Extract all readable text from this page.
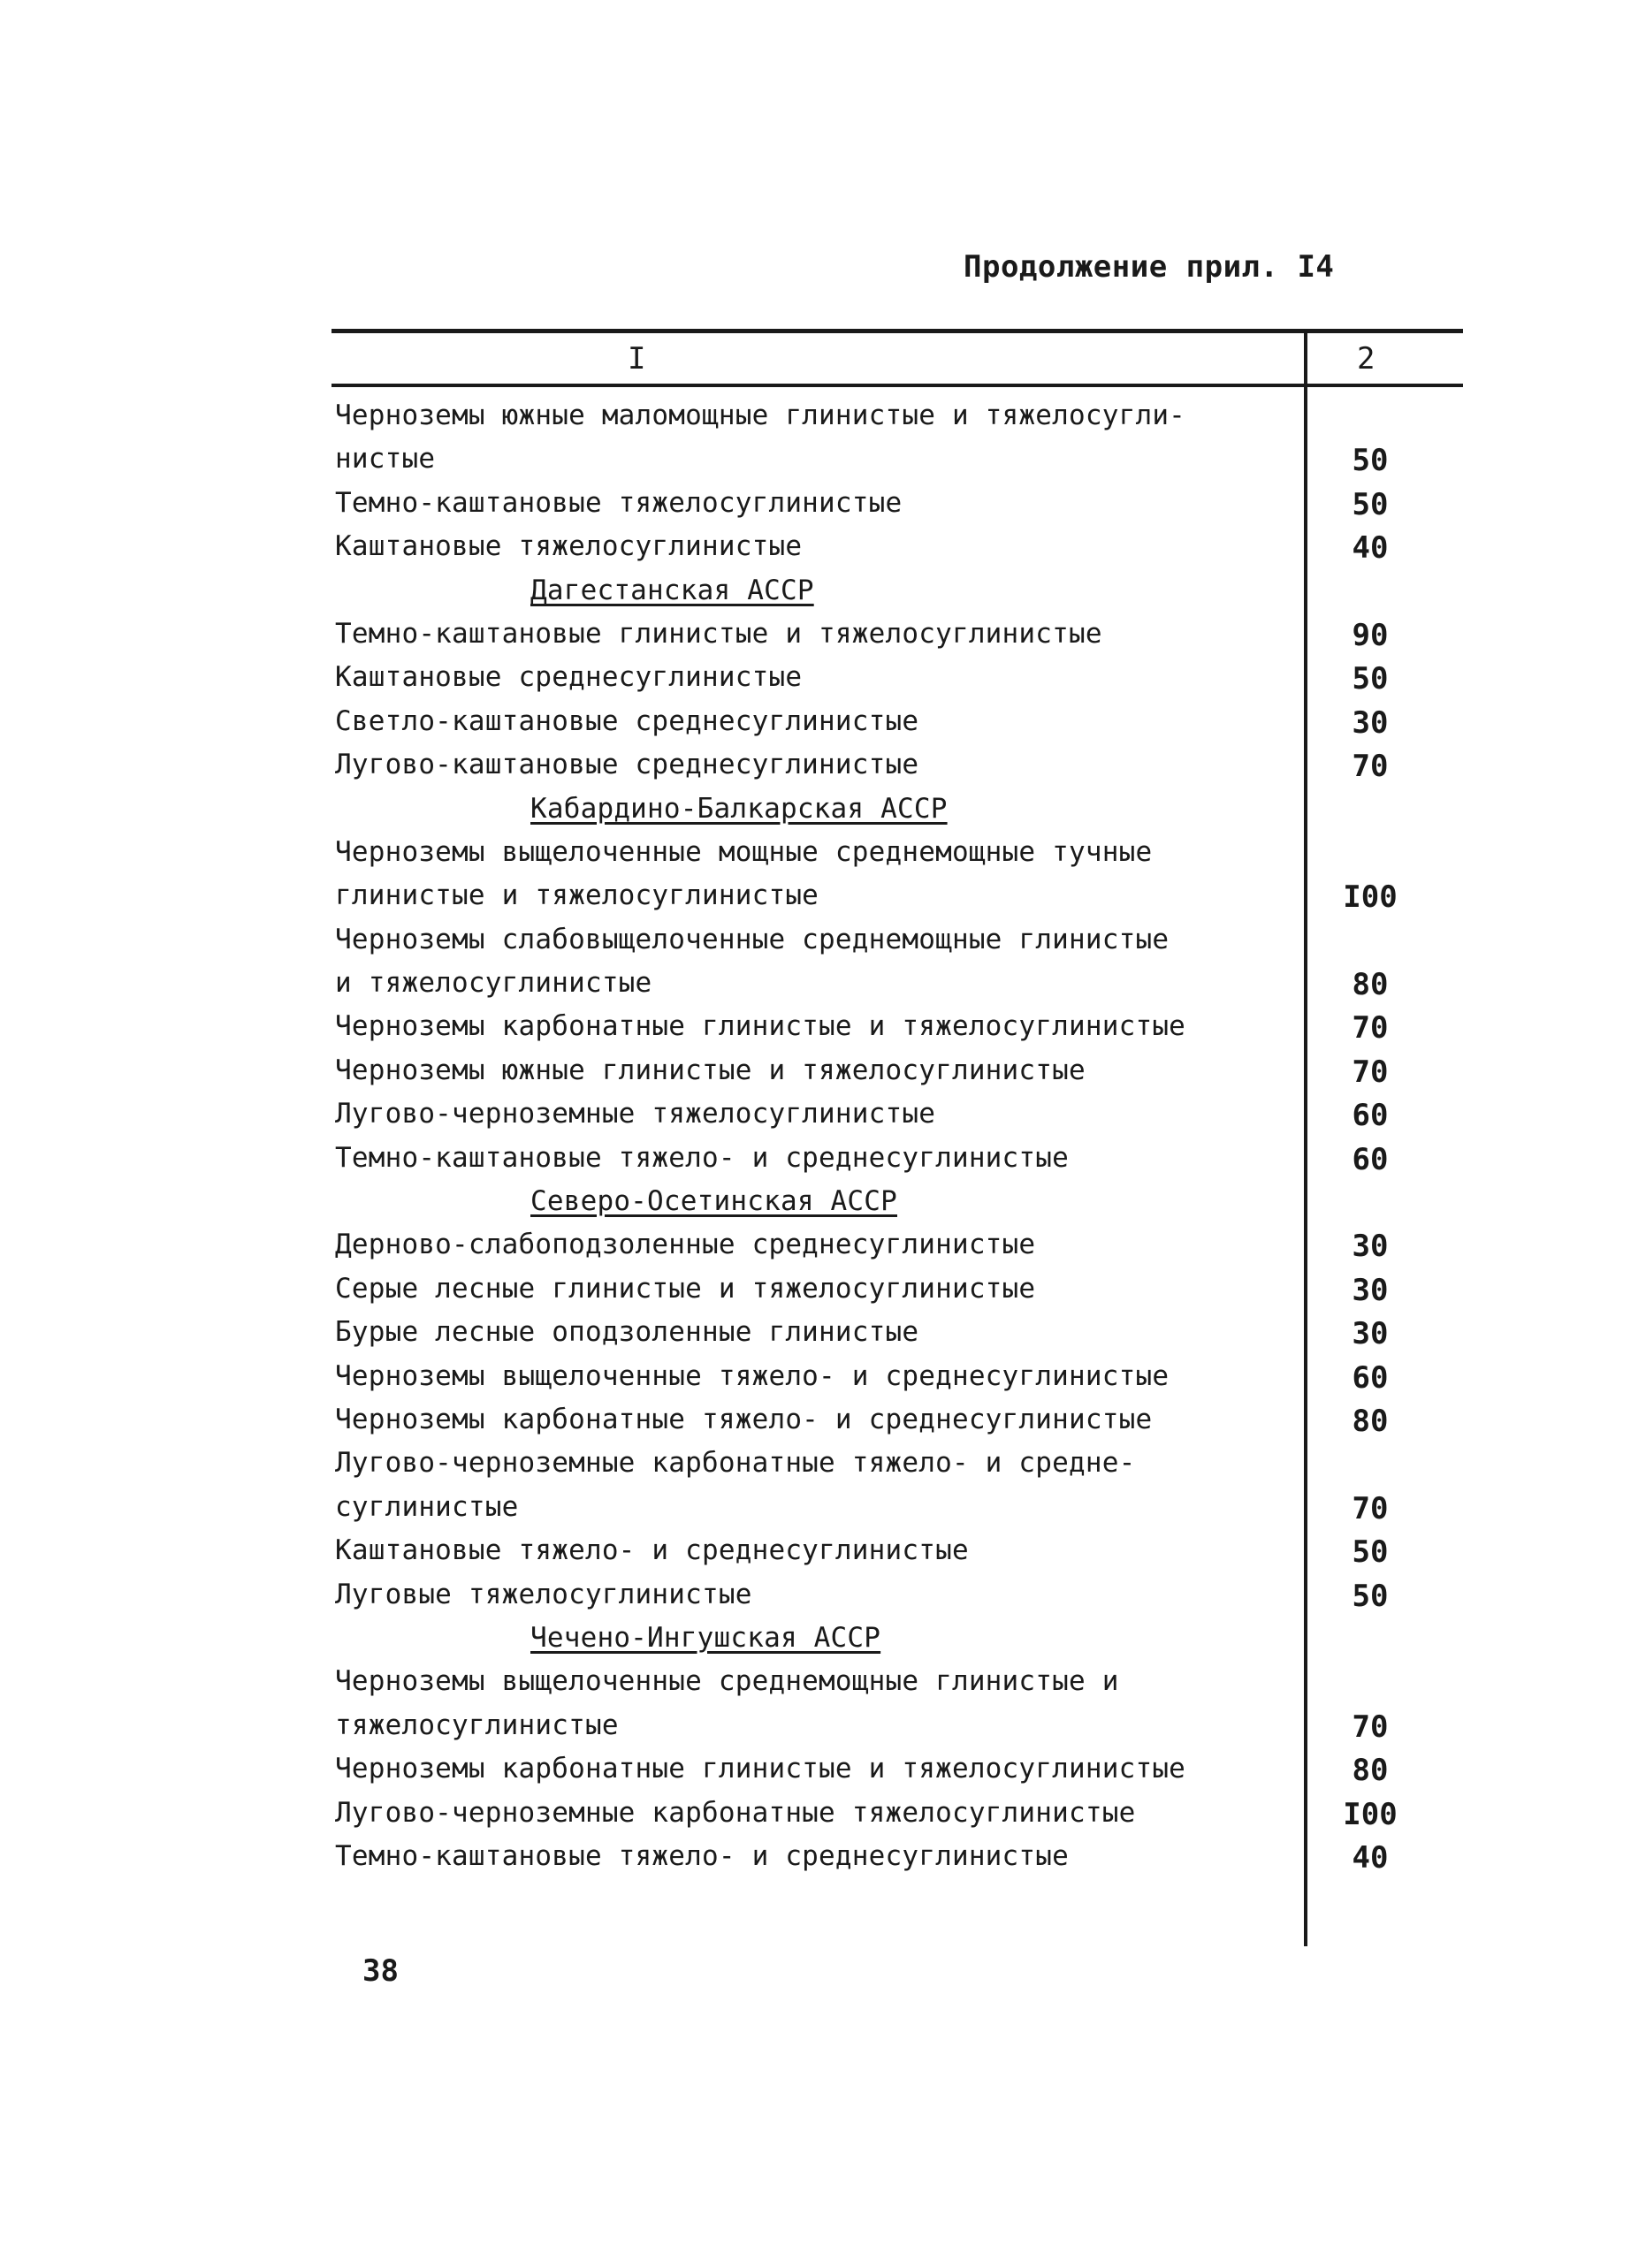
Продолжение прил. I4
I	2
Черноземы южные маломощные глинистые и тяжелосугли-
нистые	50
Темно-каштановые тяжелосуглинистые	50
Каштановые тяжелосуглинистые	40
Дагестанская АССР
Темно-каштановые глинистые и тяжелосуглинистые	90
Каштановые среднесуглинистые	50
Светло-каштановые среднесуглинистые	30
Лугово-каштановые среднесуглинистые	70
Кабардино-Балкарская АССР
Черноземы выщелоченные мощные среднемощные тучные
глинистые и тяжелосуглинистые	I00
Черноземы слабовыщелоченные среднемощные глинистые
и тяжелосуглинистые	80
Черноземы карбонатные глинистые и тяжелосуглинистые	70
Черноземы южные глинистые и тяжелосуглинистые	70
Лугово-черноземные тяжелосуглинистые	60
Темно-каштановые тяжело- и среднесуглинистые	60
Северо-Осетинская АССР
Дерново-слабоподзоленные среднесуглинистые	30
Серые лесные глинистые и тяжелосуглинистые	30
Бурые лесные оподзоленные глинистые	30
Черноземы выщелоченные тяжело- и среднесуглинистые	60
Черноземы карбонатные тяжело- и среднесуглинистые	80
Лугово-черноземные карбонатные тяжело- и средне-
суглинистые	70
Каштановые тяжело- и среднесуглинистые	50
Луговые тяжелосуглинистые	50
Чечено-Ингушская АССР
Черноземы выщелоченные среднемощные глинистые и
тяжелосуглинистые	70
Черноземы карбонатные глинистые и тяжелосуглинистые	80
Лугово-черноземные карбонатные тяжелосуглинистые	I00
Темно-каштановые тяжело- и среднесуглинистые	40
38
